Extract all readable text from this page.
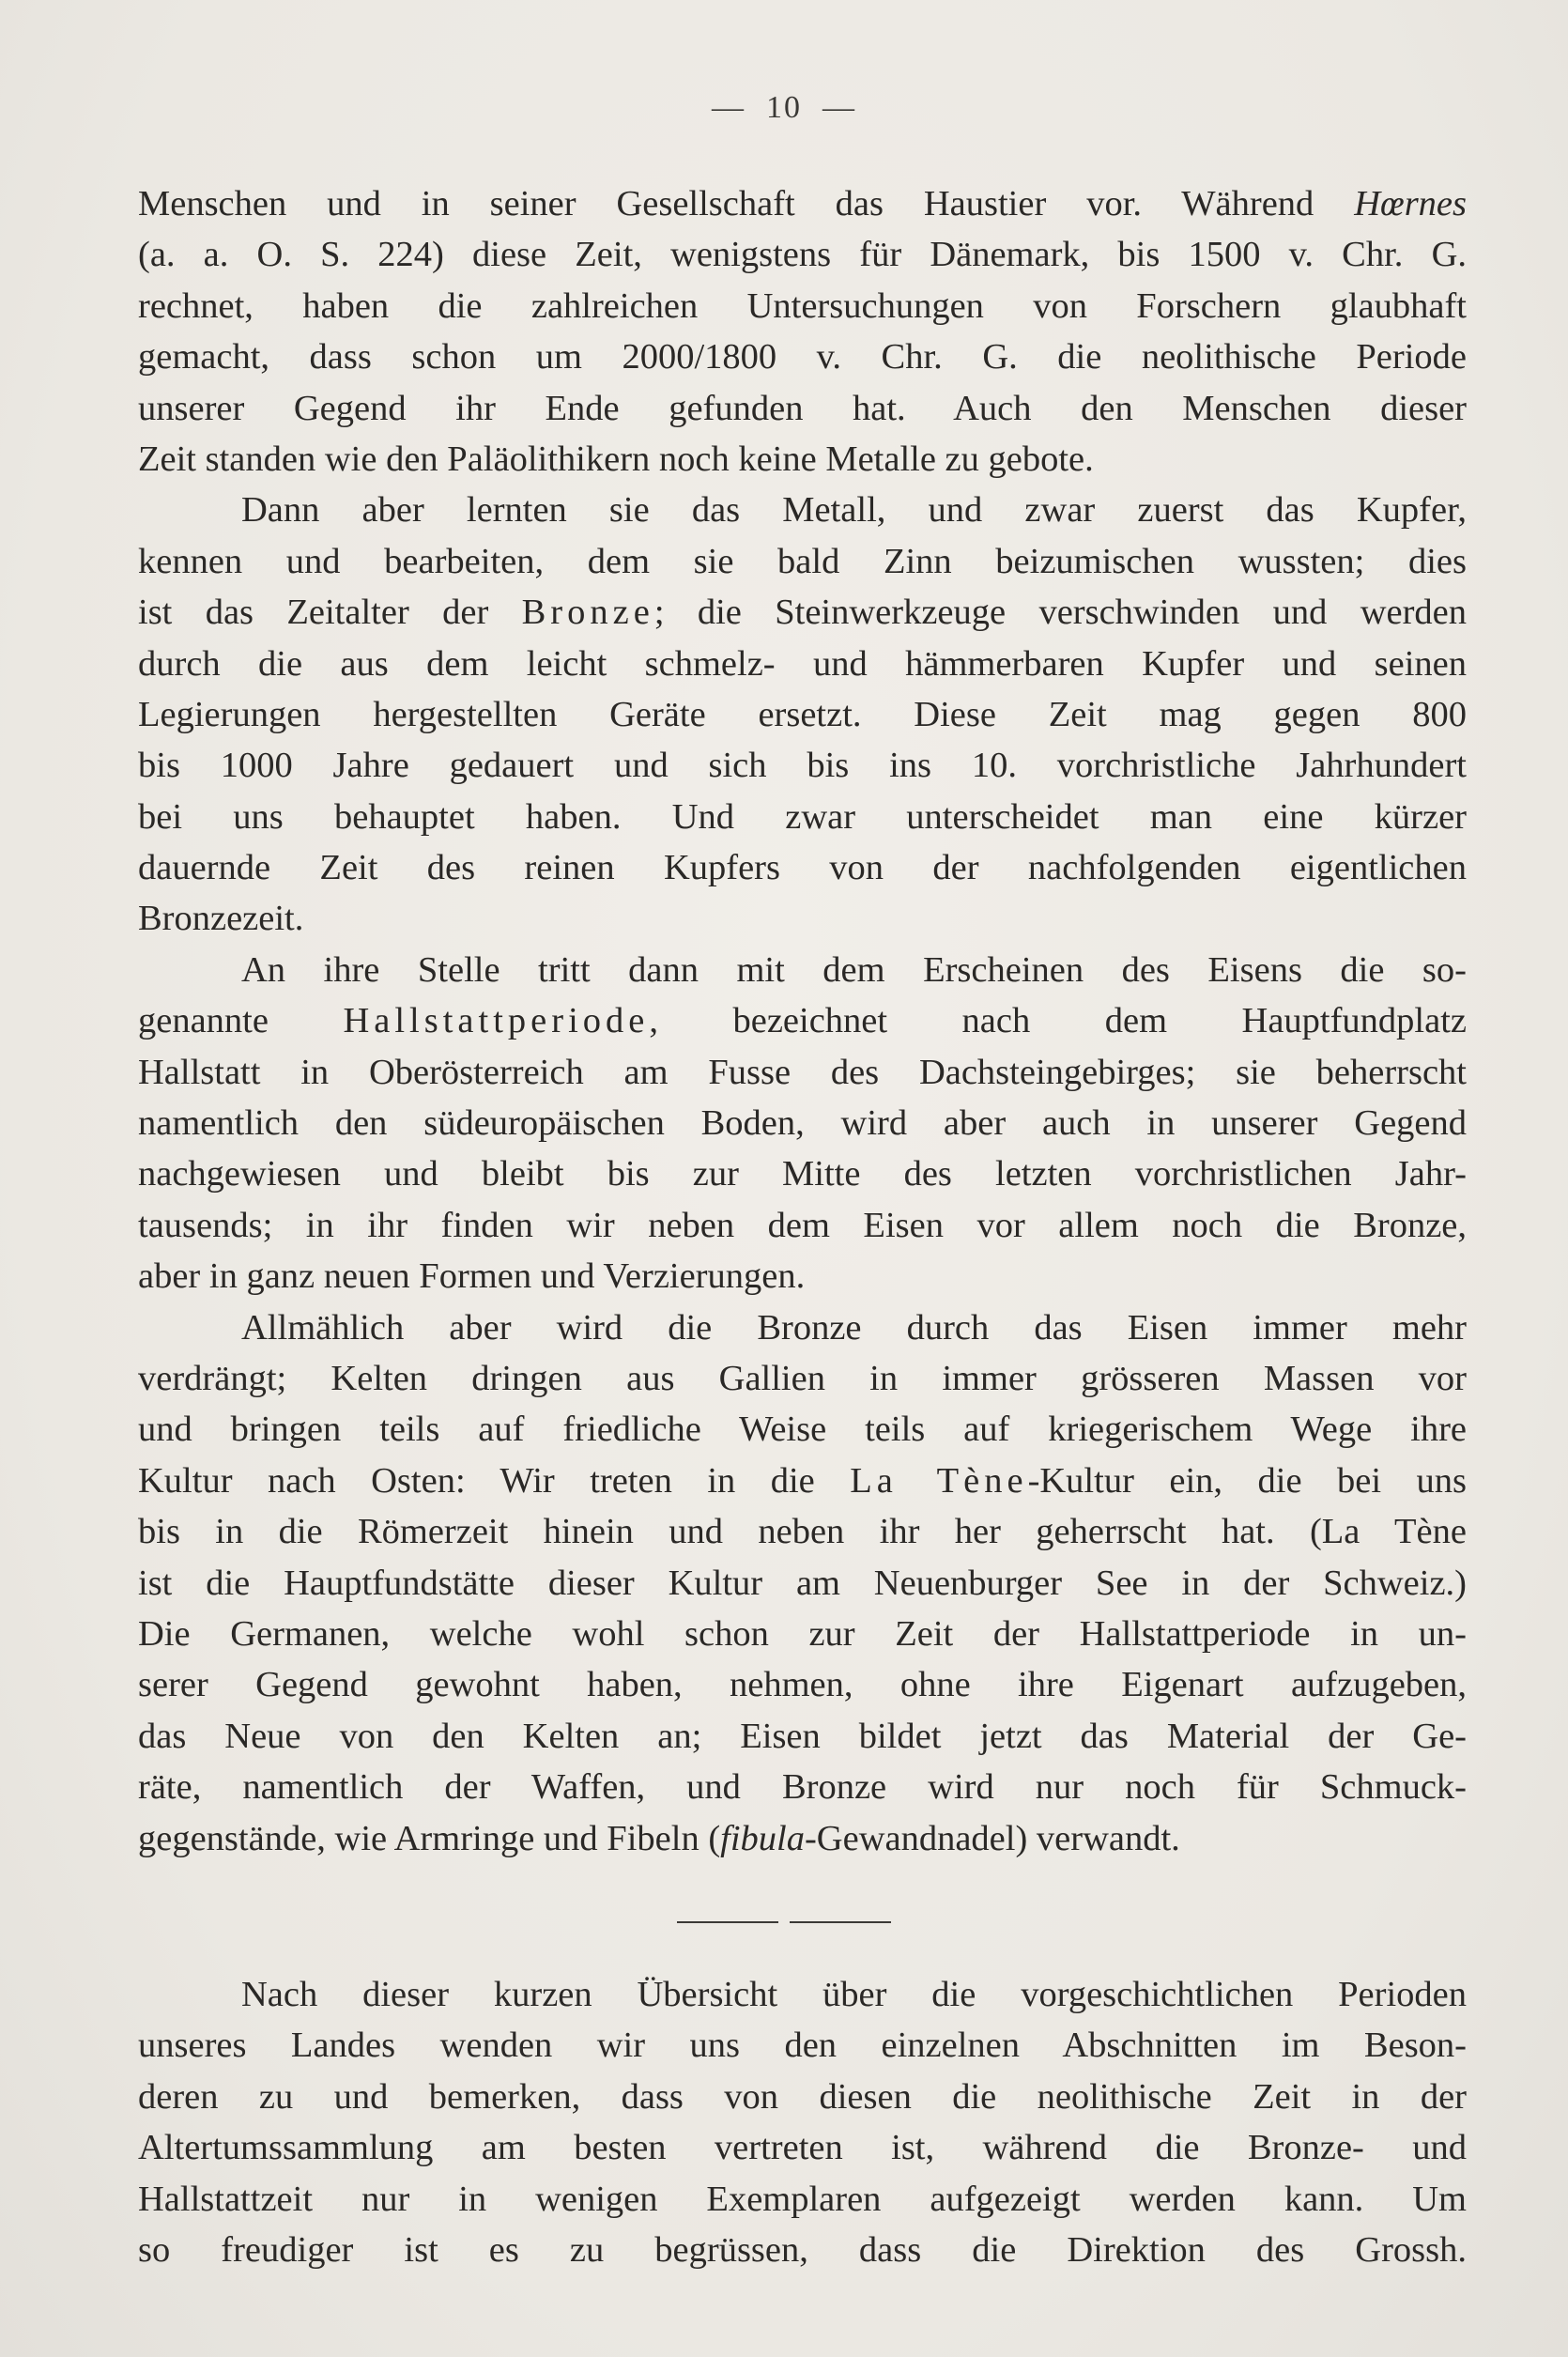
— 10 —
Menschen und in seiner Gesellschaft das Haustier vor. Während Hœrnes
(a. a. O. S. 224) diese Zeit, wenigstens für Dänemark, bis 1500 v. Chr. G.
rechnet, haben die zahlreichen Untersuchungen von Forschern glaubhaft
gemacht, dass schon um 2000/1800 v. Chr. G. die neolithische Periode
unserer Gegend ihr Ende gefunden hat. Auch den Menschen dieser
Zeit standen wie den Paläolithikern noch keine Metalle zu gebote.
Dann aber lernten sie das Metall, und zwar zuerst das Kupfer,
kennen und bearbeiten, dem sie bald Zinn beizumischen wussten; dies
ist das Zeitalter der Bronze; die Steinwerkzeuge verschwinden und werden
durch die aus dem leicht schmelz- und hämmerbaren Kupfer und seinen
Legierungen hergestellten Geräte ersetzt. Diese Zeit mag gegen 800
bis 1000 Jahre gedauert und sich bis ins 10. vorchristliche Jahrhundert
bei uns behauptet haben. Und zwar unterscheidet man eine kürzer
dauernde Zeit des reinen Kupfers von der nachfolgenden eigentlichen
Bronzezeit.
An ihre Stelle tritt dann mit dem Erscheinen des Eisens die so-
genannte Hallstattperiode, bezeichnet nach dem Hauptfundplatz
Hallstatt in Oberösterreich am Fusse des Dachsteingebirges; sie beherrscht
namentlich den südeuropäischen Boden, wird aber auch in unserer Gegend
nachgewiesen und bleibt bis zur Mitte des letzten vorchristlichen Jahr-
tausends; in ihr finden wir neben dem Eisen vor allem noch die Bronze,
aber in ganz neuen Formen und Verzierungen.
Allmählich aber wird die Bronze durch das Eisen immer mehr
verdrängt; Kelten dringen aus Gallien in immer grösseren Massen vor
und bringen teils auf friedliche Weise teils auf kriegerischem Wege ihre
Kultur nach Osten: Wir treten in die La Tène-Kultur ein, die bei uns
bis in die Römerzeit hinein und neben ihr her geherrscht hat. (La Tène
ist die Hauptfundstätte dieser Kultur am Neuenburger See in der Schweiz.)
Die Germanen, welche wohl schon zur Zeit der Hallstattperiode in un-
serer Gegend gewohnt haben, nehmen, ohne ihre Eigenart aufzugeben,
das Neue von den Kelten an; Eisen bildet jetzt das Material der Ge-
räte, namentlich der Waffen, und Bronze wird nur noch für Schmuck-
gegenstände, wie Armringe und Fibeln (fibula-Gewandnadel) verwandt.
Nach dieser kurzen Übersicht über die vorgeschichtlichen Perioden
unseres Landes wenden wir uns den einzelnen Abschnitten im Beson-
deren zu und bemerken, dass von diesen die neolithische Zeit in der
Altertumssammlung am besten vertreten ist, während die Bronze- und
Hallstattzeit nur in wenigen Exemplaren aufgezeigt werden kann. Um
so freudiger ist es zu begrüssen, dass die Direktion des Grossh.
